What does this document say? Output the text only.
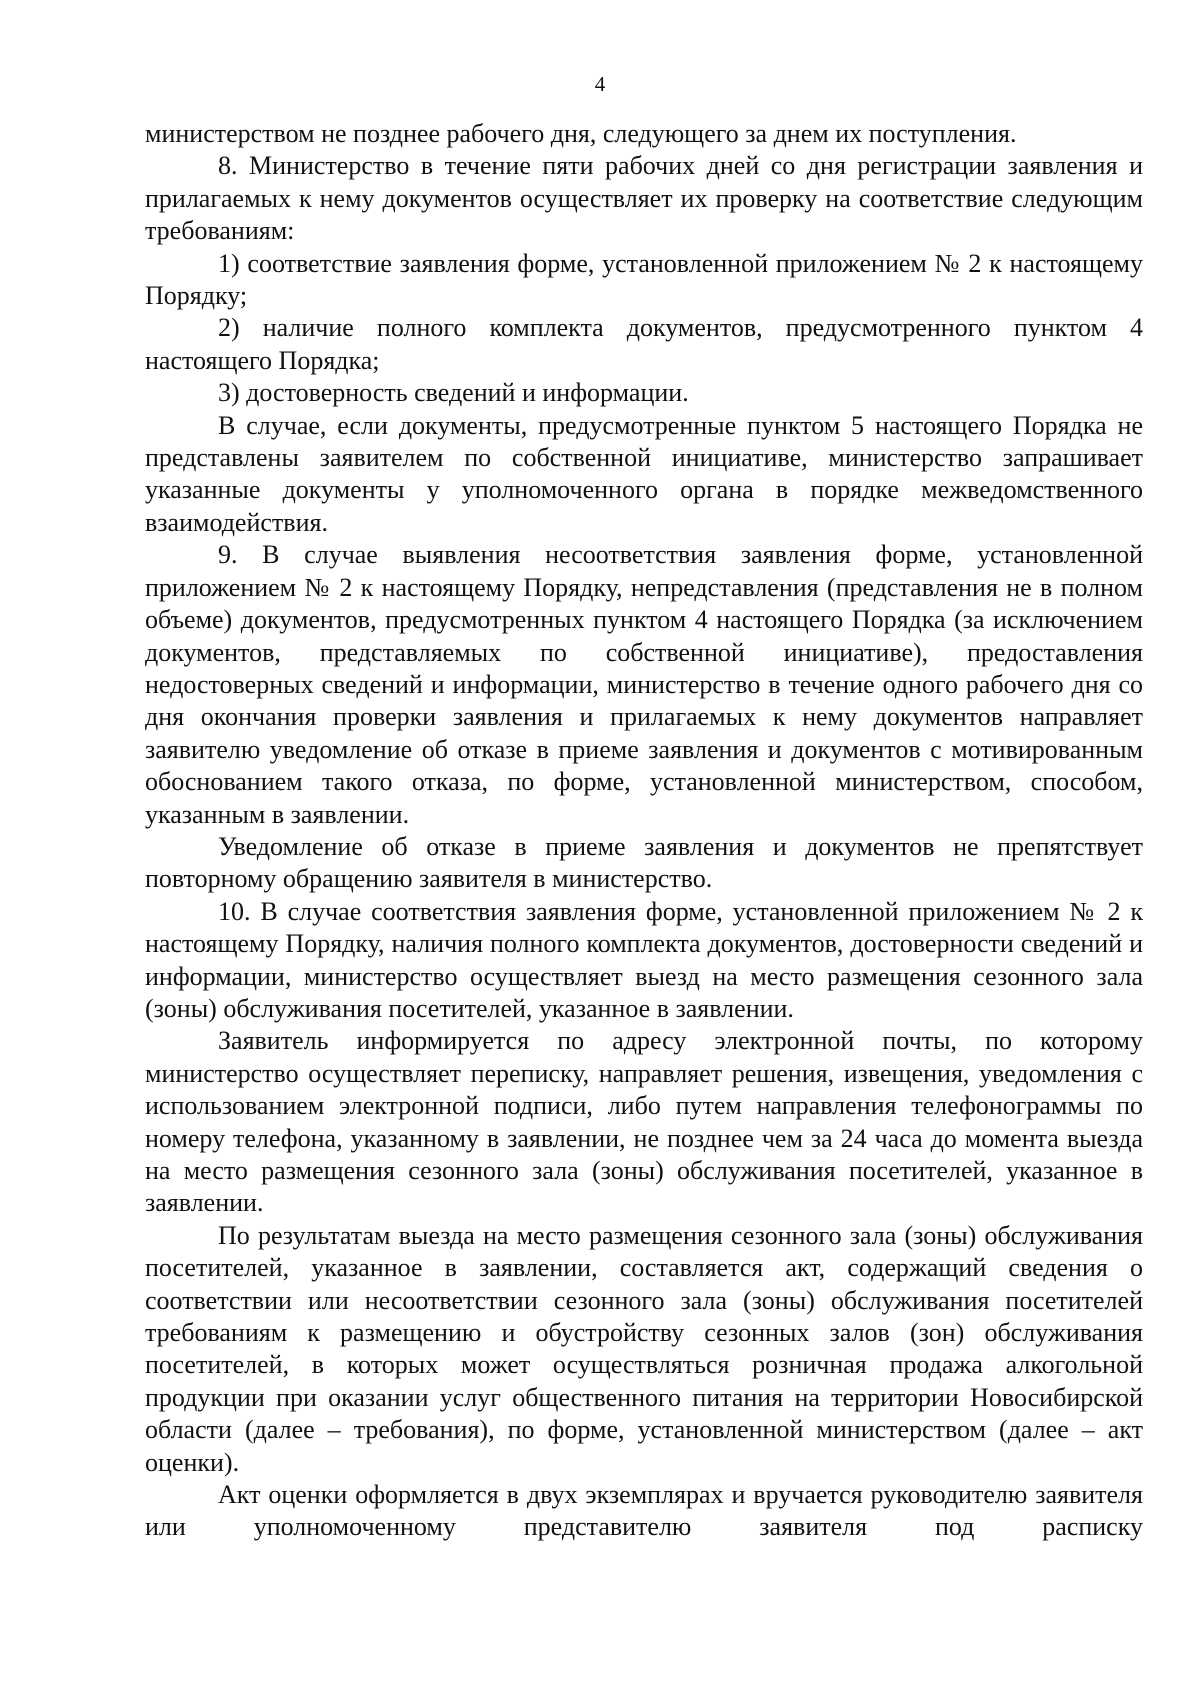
4

министерством не позднее рабочего дня, следующего за днем их поступления.

8. Министерство в течение пяти рабочих дней со дня регистрации заявления и прилагаемых к нему документов осуществляет их проверку на соответствие следующим требованиям:

1) соответствие заявления форме, установленной приложением № 2 к настоящему Порядку;

2) наличие полного комплекта документов, предусмотренного пунктом 4 настоящего Порядка;

3) достоверность сведений и информации.

В случае, если документы, предусмотренные пунктом 5 настоящего Порядка не представлены заявителем по собственной инициативе, министерство запрашивает указанные документы у уполномоченного органа в порядке межведомственного взаимодействия.

9. В случае выявления несоответствия заявления форме, установленной приложением № 2 к настоящему Порядку, непредставления (представления не в полном объеме) документов, предусмотренных пунктом 4 настоящего Порядка (за исключением документов, представляемых по собственной инициативе), предоставления недостоверных сведений и информации, министерство в течение одного рабочего дня со дня окончания проверки заявления и прилагаемых к нему документов направляет заявителю уведомление об отказе в приеме заявления и документов с мотивированным обоснованием такого отказа, по форме, установленной министерством, способом, указанным в заявлении.

Уведомление об отказе в приеме заявления и документов не препятствует повторному обращению заявителя в министерство.

10. В случае соответствия заявления форме, установленной приложением № 2 к настоящему Порядку, наличия полного комплекта документов, достоверности сведений и информации, министерство осуществляет выезд на место размещения сезонного зала (зоны) обслуживания посетителей, указанное в заявлении.

Заявитель информируется по адресу электронной почты, по которому министерство осуществляет переписку, направляет решения, извещения, уведомления с использованием электронной подписи, либо путем направления телефонограммы по номеру телефона, указанному в заявлении, не позднее чем за 24 часа до момента выезда на место размещения сезонного зала (зоны) обслуживания посетителей, указанное в заявлении.

По результатам выезда на место размещения сезонного зала (зоны) обслуживания посетителей, указанное в заявлении, составляется акт, содержащий сведения о соответствии или несоответствии сезонного зала (зоны) обслуживания посетителей требованиям к размещению и обустройству сезонных залов (зон) обслуживания посетителей, в которых может осуществляться розничная продажа алкогольной продукции при оказании услуг общественного питания на территории Новосибирской области (далее – требования), по форме, установленной министерством (далее – акт оценки).

Акт оценки оформляется в двух экземплярах и вручается руководителю заявителя или уполномоченному представителю заявителя под расписку
